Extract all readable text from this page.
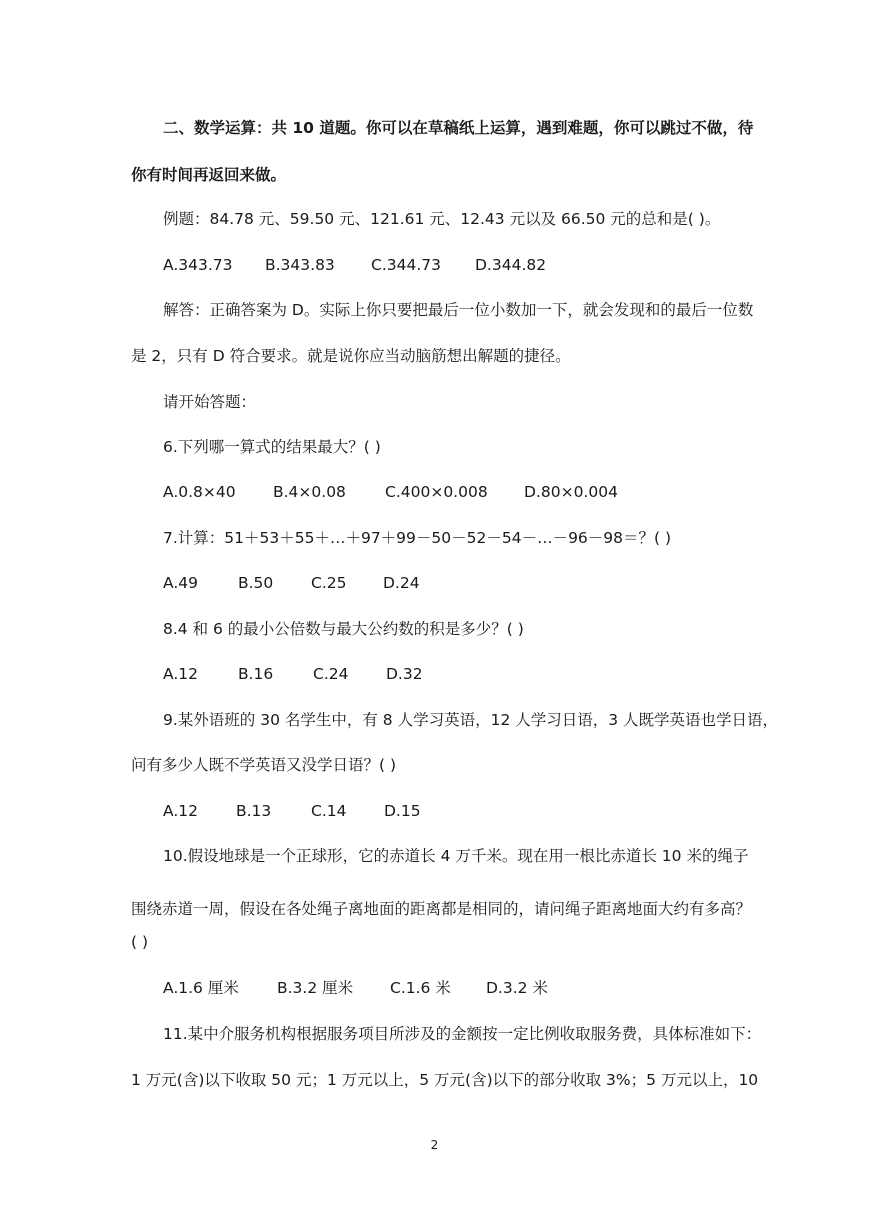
二、数学运算：共 10 道题。你可以在草稿纸上运算，遇到难题，你可以跳过不做，待
你有时间再返回来做。
例题：84.78 元、59.50 元、121.61 元、12.43 元以及 66.50 元的总和是( )。
A.343.73 B.343.83 C.344.73 D.344.82
解答：正确答案为 D。实际上你只要把最后一位小数加一下，就会发现和的最后一位数
是 2，只有 D 符合要求。就是说你应当动脑筋想出解题的捷径。
请开始答题：
6.下列哪一算式的结果最大？( )
A.0.8×40 B.4×0.08	C.400×0.008 D.80×0.004
7.计算：51＋53＋55＋…＋97＋99－50－52－54－…－96－98＝？( )
A.49	B.50 C.25 D.24
8.4 和 6 的最小公倍数与最大公约数的积是多少？( )
A.12	B.16	C.24 D.32
9.某外语班的 30 名学生中，有 8 人学习英语，12 人学习日语，3 人既学英语也学日语，
问有多少人既不学英语又没学日语？( )
A.12 B.13	C.14 D.15
10.假设地球是一个正球形，它的赤道长 4 万千米。现在用一根比赤道长 10 米的绳子
围绕赤道一周，假设在各处绳子离地面的距离都是相同的，请问绳子距离地面大约有多高？
( )
A.1.6 厘米 B.3.2 厘米 C.1.6 米 D.3.2 米
11.某中介服务机构根据服务项目所涉及的金额按一定比例收取服务费，具体标准如下：
1 万元(含)以下收取 50 元；1 万元以上，5 万元(含)以下的部分收取 3%；5 万元以上，10
2
